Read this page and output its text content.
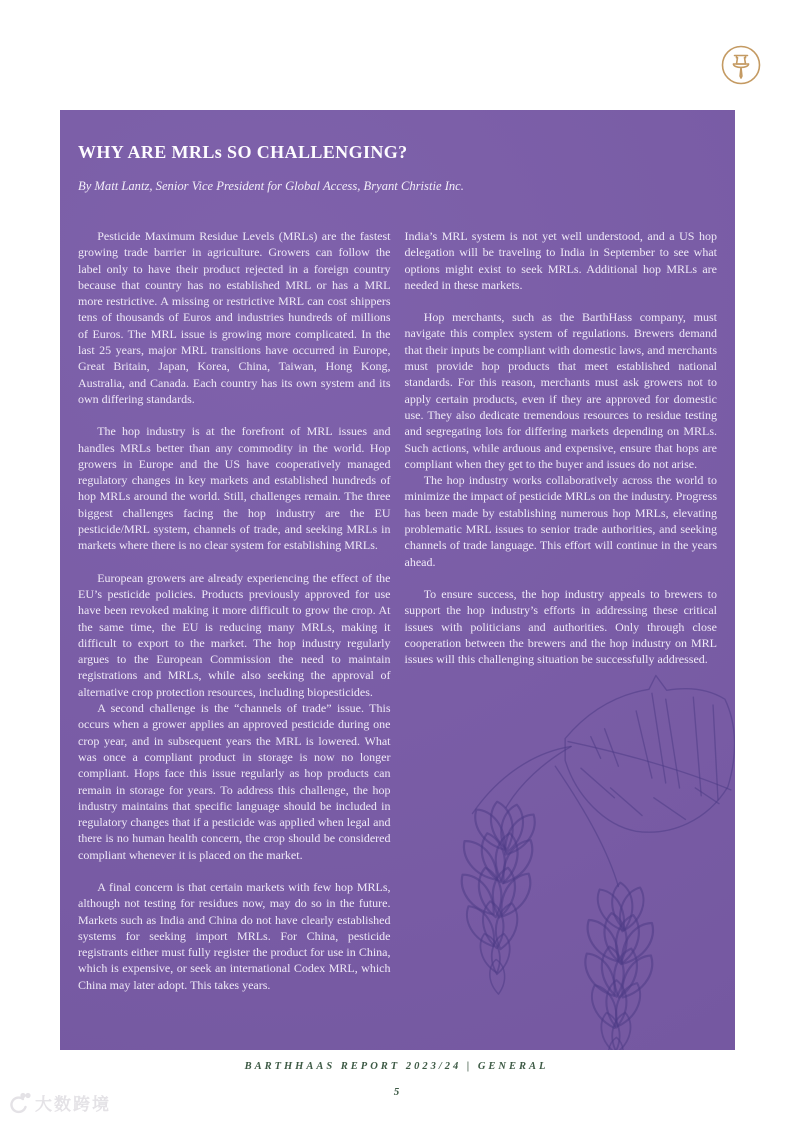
WHY ARE MRLs SO CHALLENGING?
By Matt Lantz, Senior Vice President for Global Access, Bryant Christie Inc.

Pesticide Maximum Residue Levels (MRLs) are the fastest growing trade barrier in agriculture. Growers can follow the label only to have their product rejected in a foreign country because that country has no established MRL or has a MRL more restrictive. A missing or restrictive MRL can cost shippers tens of thousands of Euros and industries hundreds of millions of Euros. The MRL issue is growing more complicated. In the last 25 years, major MRL transitions have occurred in Europe, Great Britain, Japan, Korea, China, Taiwan, Hong Kong, Australia, and Canada. Each country has its own system and its own differing standards.

The hop industry is at the forefront of MRL issues and handles MRLs better than any commodity in the world. Hop growers in Europe and the US have cooperatively managed regulatory changes in key markets and established hundreds of hop MRLs around the world. Still, challenges remain. The three biggest challenges facing the hop industry are the EU pesticide/MRL system, channels of trade, and seeking MRLs in markets where there is no clear system for establishing MRLs.

European growers are already experiencing the effect of the EU’s pesticide policies. Products previously approved for use have been revoked making it more difficult to grow the crop. At the same time, the EU is reducing many MRLs, making it difficult to export to the market. The hop industry regularly argues to the European Commission the need to maintain registrations and MRLs, while also seeking the approval of alternative crop protection resources, including biopesticides.

A second challenge is the “channels of trade” issue. This occurs when a grower applies an approved pesticide during one crop year, and in subsequent years the MRL is lowered. What was once a compliant product in storage is now no longer compliant. Hops face this issue regularly as hop products can remain in storage for years. To address this challenge, the hop industry maintains that specific language should be included in regulatory changes that if a pesticide was applied when legal and there is no human health concern, the crop should be considered compliant whenever it is placed on the market.

A final concern is that certain markets with few hop MRLs, although not testing for residues now, may do so in the future. Markets such as India and China do not have clearly established systems for seeking import MRLs. For China, pesticide registrants either must fully register the product for use in China, which is expensive, or seek an international Codex MRL, which China may later adopt. This takes years.

India’s MRL system is not yet well understood, and a US hop delegation will be traveling to India in September to see what options might exist to seek MRLs. Additional hop MRLs are needed in these markets.

Hop merchants, such as the BarthHass company, must navigate this complex system of regulations. Brewers demand that their inputs be compliant with domestic laws, and merchants must provide hop products that meet established national standards. For this reason, merchants must ask growers not to apply certain products, even if they are approved for domestic use. They also dedicate tremendous resources to residue testing and segregating lots for differing markets depending on MRLs. Such actions, while arduous and expensive, ensure that hops are compliant when they get to the buyer and issues do not arise.

The hop industry works collaboratively across the world to minimize the impact of pesticide MRLs on the industry. Progress has been made by establishing numerous hop MRLs, elevating problematic MRL issues to senior trade authorities, and seeking channels of trade language. This effort will continue in the years ahead.

To ensure success, the hop industry appeals to brewers to support the hop industry’s efforts in addressing these critical issues with politicians and authorities. Only through close cooperation between the brewers and the hop industry on MRL issues will this challenging situation be successfully addressed.

BARTHHAAS REPORT 2023/24 | GENERAL
5
大数跨境
